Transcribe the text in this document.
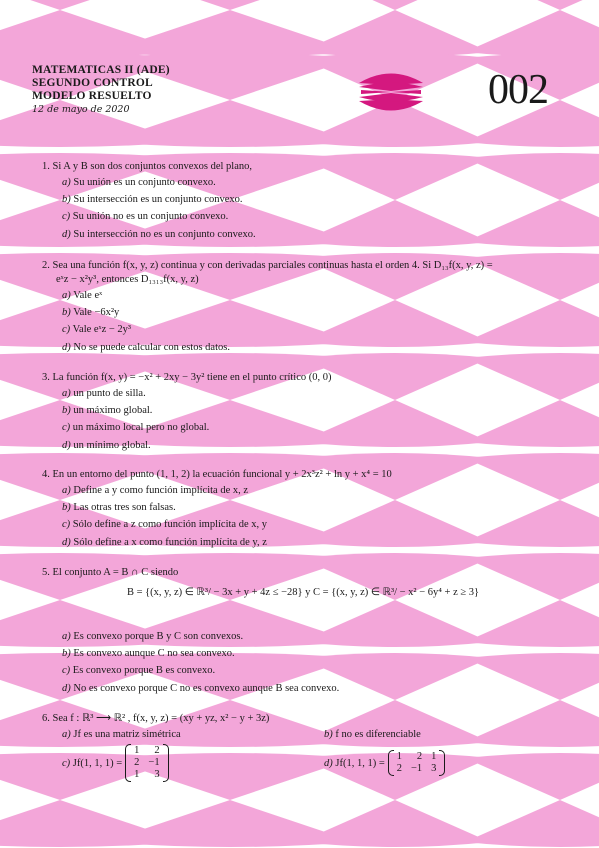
MATEMATICAS II (ADE)
SEGUNDO CONTROL
MODELO RESUELTO
12 de mayo de 2020	002
1. Si A y B son dos conjuntos convexos del plano,
a) Su unión es un conjunto convexo.
b) Su intersección es un conjunto convexo.
c) Su unión no es un conjunto convexo.
d) Su intersección no es un conjunto convexo.
2. Sea una función f(x, y, z) continua y con derivadas parciales continuas hasta el orden 4. Si D₁₃f(x, y, z) =
eˣz − x²y³, entonces D₁₃₁₃f(x, y, z)
a) Vale eˣ
b) Vale −6x²y
c) Vale eˣz − 2y³
d) No se puede calcular con estos datos.
3. La función f(x, y) = −x² + 2xy − 3y² tiene en el punto crítico (0, 0)
a) un punto de silla.
b) un máximo global.
c) un máximo local pero no global.
d) un mínimo global.
4. En un entorno del punto (1, 1, 2) la ecuación funcional y + 2x³z² + ln y + x⁴ = 10
a) Define a y como función implícita de x, z
b) Las otras tres son falsas.
c) Sólo define a z como función implícita de x, y
d) Sólo define a x como función implícita de y, z
5. El conjunto A = B ∩ C siendo
B = {(x, y, z) ∈ ℝ³/ − 3x + y + 4z ≤ −28} y C = {(x, y, z) ∈ ℝ³/ − x² − 6y⁴ + z ≥ 3}
a) Es convexo porque B y C son convexos.
b) Es convexo aunque C no sea convexo.
c) Es convexo porque B es convexo.
d) No es convexo porque C no es convexo aunque B sea convexo.
6. Sea f : ℝ³ ⟶ ℝ² , f(x, y, z) = (xy + yz, x² − y + 3z)
a) Jf es una matriz simétrica	b) f no es diferenciable
c)
Jf(1, 1, 1) =
1	2
2 −1
1	3
d)
Jf(1, 1, 1) =
1	2 1
2 −1 3
